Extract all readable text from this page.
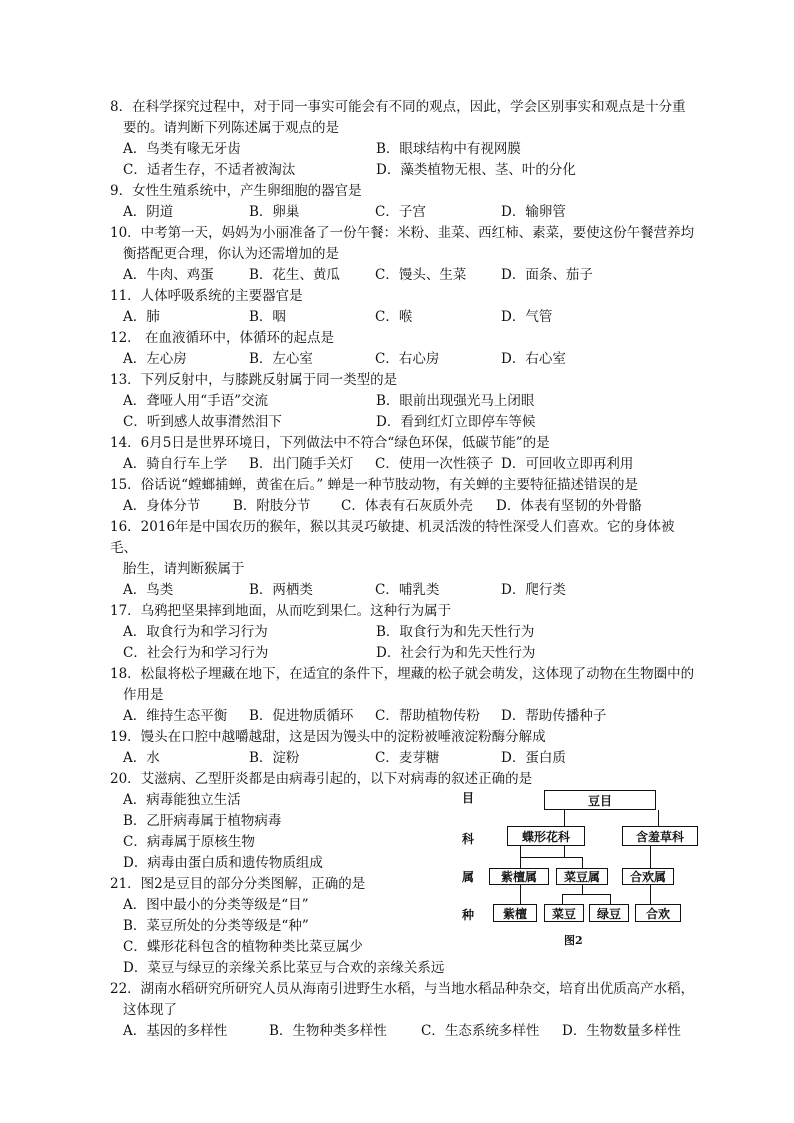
8．在科学探究过程中，对于同一事实可能会有不同的观点，因此，学会区别事实和观点是十分重
要的。请判断下列陈述属于观点的是
A．鸟类有喙无牙齿	B．眼球结构中有视网膜
C．适者生存，不适者被淘汰	D．藻类植物无根、茎、叶的分化
9．女性生殖系统中，产生卵细胞的器官是
A．阴道	B．卵巢	C．子宫	D．输卵管
10．中考第一天，妈妈为小丽准备了一份午餐：米粉、韭菜、西红柿、素菜，要使这份午餐营养均
衡搭配更合理，你认为还需增加的是
A．牛肉、鸡蛋	B．花生、黄瓜	C．馒头、生菜	D．面条、茄子
11．人体呼吸系统的主要器官是
A．肺	B．咽	C．喉	D．气管
12． 在血液循环中，体循环的起点是
A．左心房	B．左心室	C．右心房	D．右心室
13．下列反射中，与膝跳反射属于同一类型的是
A．聋哑人用“手语”交流	B．眼前出现强光马上闭眼
C．听到感人故事潸然泪下	D．看到红灯立即停车等候
14．6月5日是世界环境日，下列做法中不符合“绿色环保，低碳节能”的是
A．骑自行车上学	B．出门随手关灯	C．使用一次性筷子 D．可回收立即再利用
15．俗话说“螳螂捕蝉，黄雀在后。” 蝉是一种节肢动物，有关蝉的主要特征描述错误的是
A．身体分节	B．附肢分节	C．体表有石灰质外壳	D．体表有坚韧的外骨骼
16．2016年是中国农历的猴年，猴以其灵巧敏捷、机灵活泼的特性深受人们喜欢。它的身体被毛、
胎生，请判断猴属于
A．鸟类	B．两栖类	C．哺乳类	D．爬行类
17．乌鸦把坚果摔到地面，从而吃到果仁。这种行为属于
A．取食行为和学习行为	B．取食行为和先天性行为
C．社会行为和学习行为	D．社会行为和先天性行为
18．松鼠将松子埋藏在地下，在适宜的条件下，埋藏的松子就会萌发，这体现了动物在生物圈中的
作用是
A．维持生态平衡	B．促进物质循环	C．帮助植物传粉	D．帮助传播种子
19．馒头在口腔中越嚼越甜，这是因为馒头中的淀粉被唾液淀粉酶分解成
A．水	B．淀粉	C．麦芽糖	D．蛋白质
20．艾滋病、乙型肝炎都是由病毒引起的，以下对病毒的叙述正确的是
A．病毒能独立生活
B．乙肝病毒属于植物病毒
C．病毒属于原核生物
D．病毒由蛋白质和遗传物质组成
21．图2是豆目的部分分类图解，正确的是
A．图中最小的分类等级是“目”
B．菜豆所处的分类等级是“种”
C．蝶形花科包含的植物种类比菜豆属少
D．菜豆与绿豆的亲缘关系比菜豆与合欢的亲缘关系远
22．湖南水稻研究所研究人员从海南引进野生水稻，与当地水稻品种杂交，培育出优质高产水稻，
这体现了
A．基因的多样性	B．生物种类多样性	C．生态系统多样性	D．生物数量多样性
目
科
属
种
豆目
蝶形花科	含羞草科
紫檀属	菜豆属	合欢属
紫檀	菜豆	绿豆	合欢
图2
